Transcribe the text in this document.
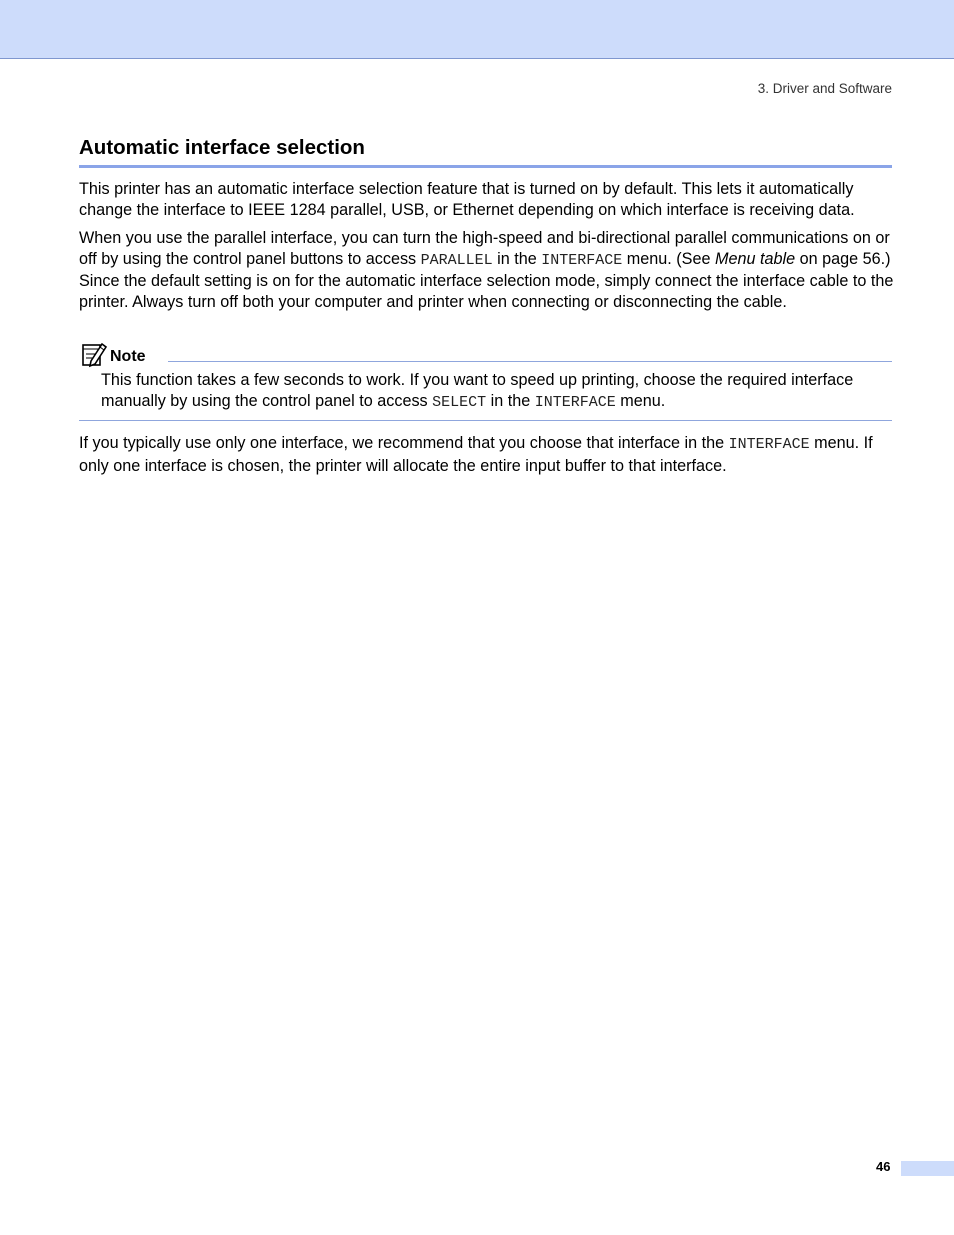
3. Driver and Software
Automatic interface selection

This printer has an automatic interface selection feature that is turned on by default. This lets it automatically change the interface to IEEE 1284 parallel, USB, or Ethernet depending on which interface is receiving data.

When you use the parallel interface, you can turn the high-speed and bi-directional parallel communications on or off by using the control panel buttons to access PARALLEL in the INTERFACE menu. (See Menu table on page 56.) Since the default setting is on for the automatic interface selection mode, simply connect the interface cable to the printer. Always turn off both your computer and printer when connecting or disconnecting the cable.

Note

This function takes a few seconds to work. If you want to speed up printing, choose the required interface manually by using the control panel to access SELECT in the INTERFACE menu.

If you typically use only one interface, we recommend that you choose that interface in the INTERFACE menu. If only one interface is chosen, the printer will allocate the entire input buffer to that interface.

46
